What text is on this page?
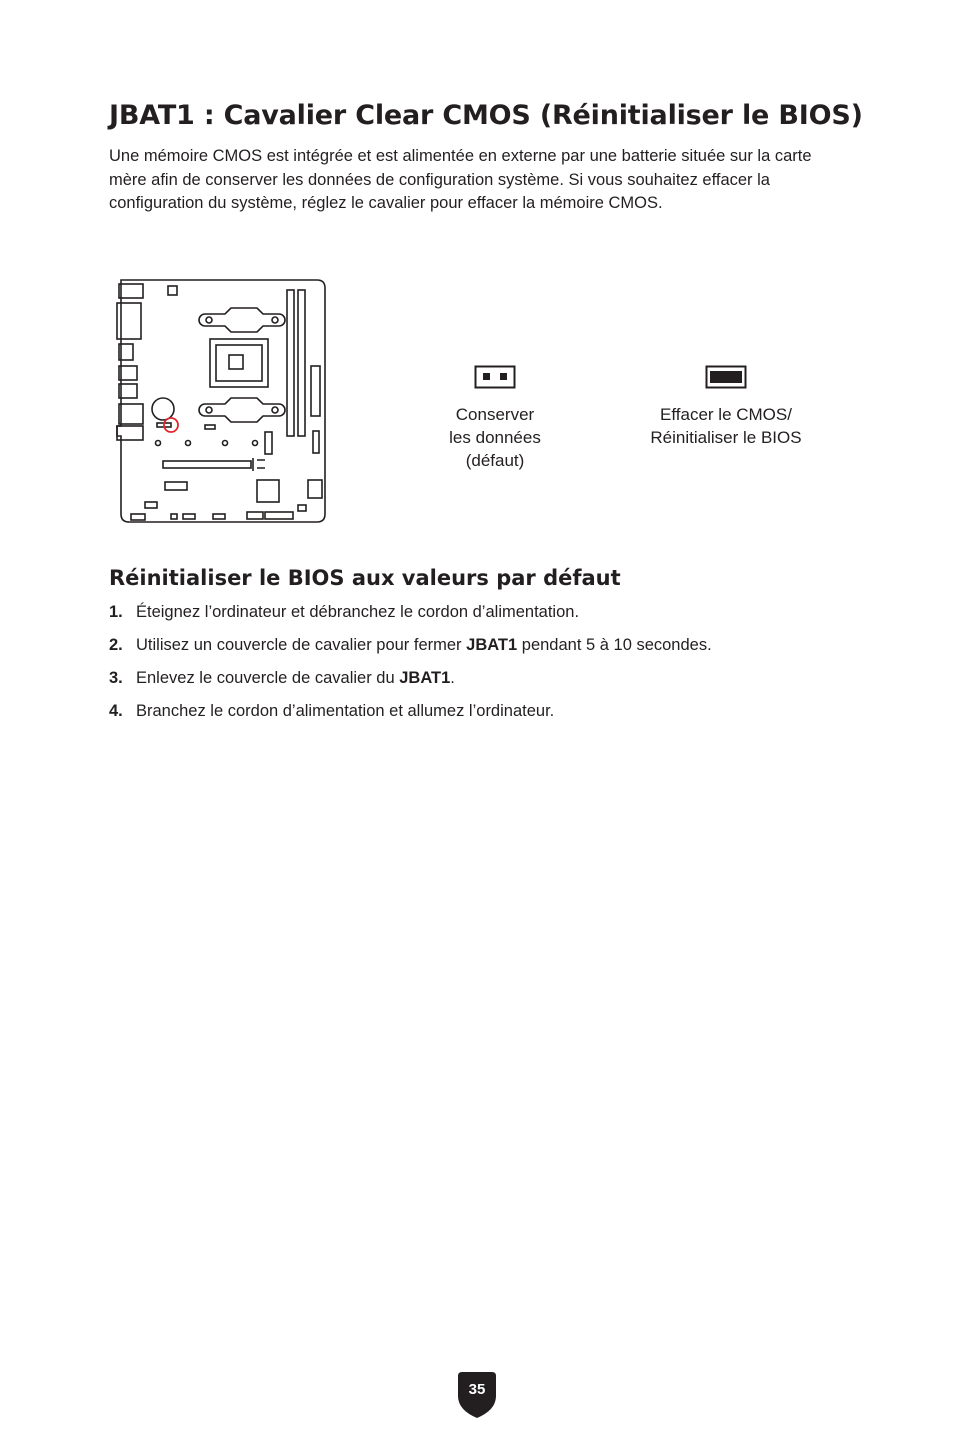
JBAT1 : Cavalier Clear CMOS (Réinitialiser le BIOS)

Une mémoire CMOS est intégrée et est alimentée en externe par une batterie située sur la carte mère afin de conserver les données de configuration système. Si vous souhaitez effacer la configuration du système, réglez le cavalier pour effacer la mémoire CMOS.

Conserver
les données
(défaut)
Effacer le CMOS/
Réinitialiser le BIOS
Réinitialiser le BIOS aux valeurs par défaut
1. Éteignez l’ordinateur et débranchez le cordon d’alimentation.
2. Utilisez un couvercle de cavalier pour fermer JBAT1 pendant 5 à 10 secondes.
3. Enlevez le couvercle de cavalier du JBAT1.
4. Branchez le cordon d’alimentation et allumez l’ordinateur.
35
